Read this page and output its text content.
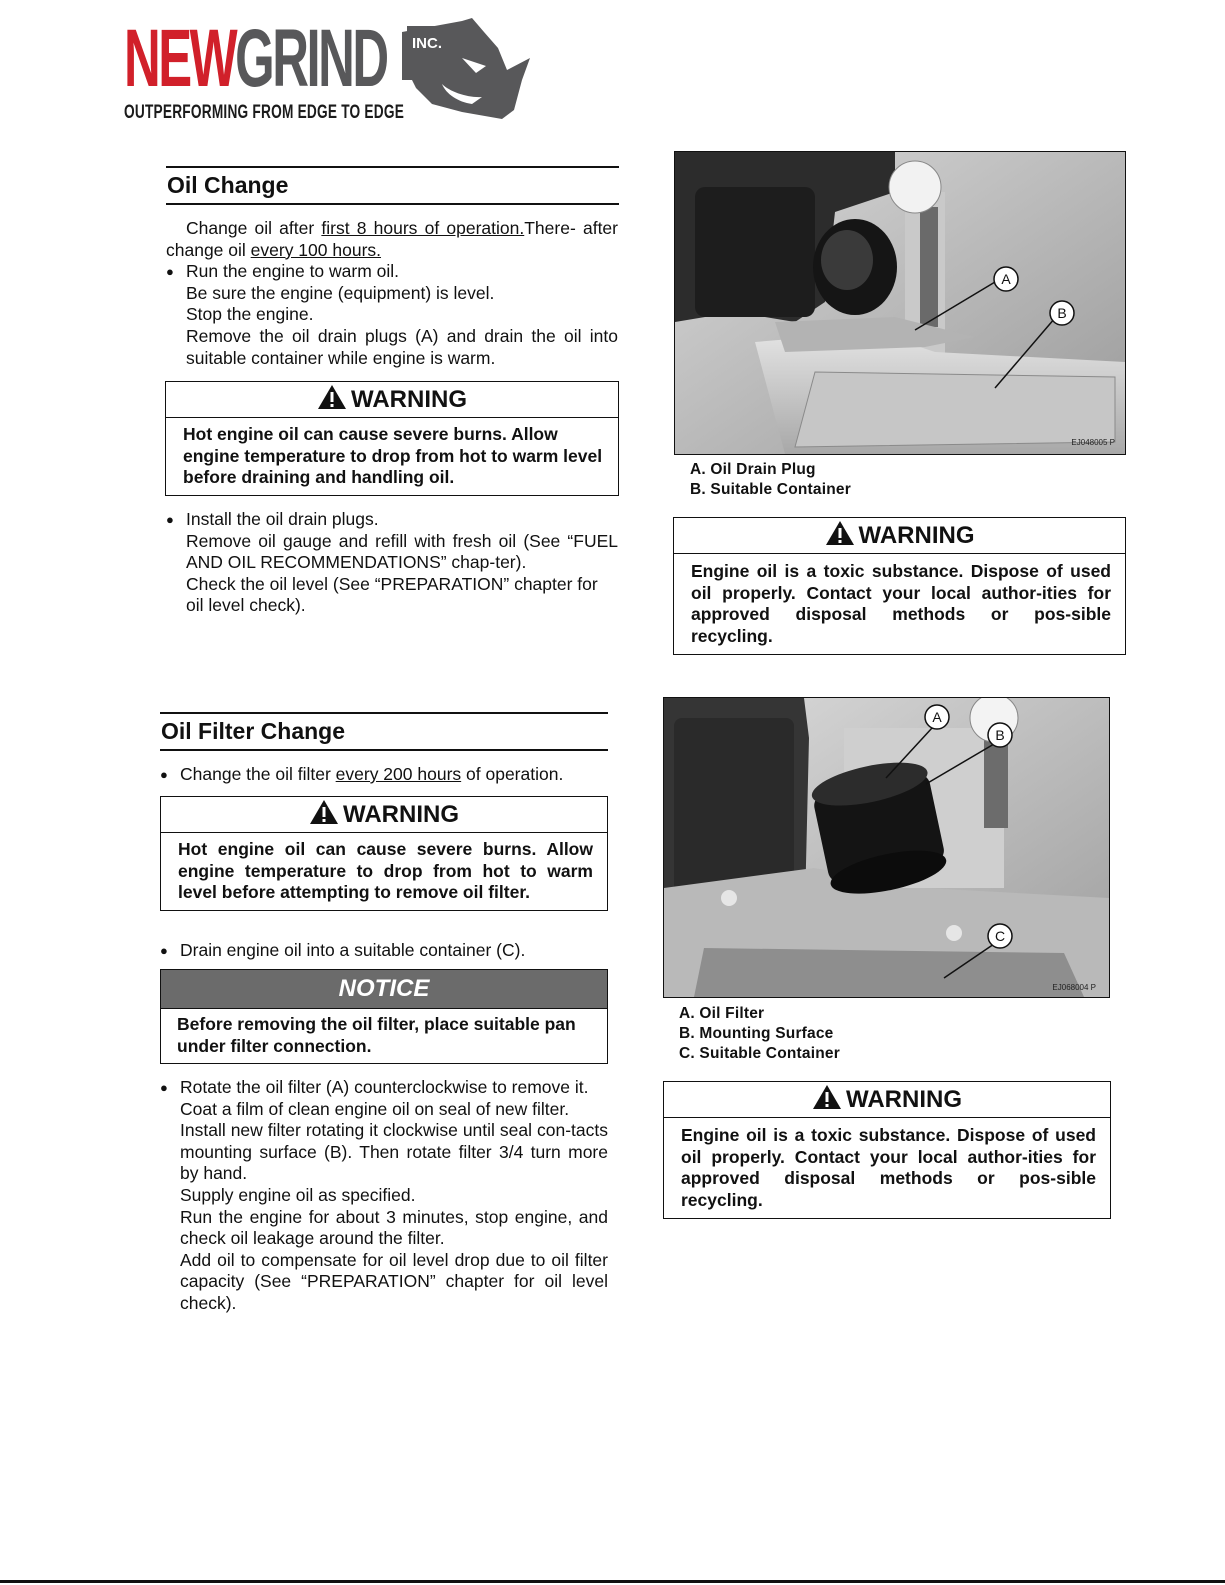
NEWGRIND	INC.
OUTPERFORMING FROM EDGE TO EDGE
Oil Change

Change oil after first 8 hours of operation.There- after change oil every 100 hours.

● Run the engine to warm oil.

Be sure the engine (equipment) is level.

Stop the engine.

Remove the oil drain plugs (A) and drain the oil into suitable container while engine is warm.

WARNING
Hot engine oil can cause severe burns. Allow engine temperature to drop from hot to warm level before draining and handling oil.

● Install the oil drain plugs.

Remove oil gauge and refill with fresh oil (See “FUEL AND OIL RECOMMENDATIONS” chap-ter).

Check the oil level (See “PREPARATION” chapter for oil level check).

A
B
EJ048005 P
A. Oil Drain Plug
B. Suitable Container
WARNING
Engine oil is a toxic substance. Dispose of used oil properly. Contact your local author-ities for approved disposal methods or pos-sible recycling.
Oil Filter Change

● Change the oil filter every 200 hours of operation.

WARNING
Hot engine oil can cause severe burns. Allow engine temperature to drop from hot to warm level before attempting to remove oil filter.

● Drain engine oil into a suitable container (C).

NOTICE
Before removing the oil filter, place suitable pan under filter connection.

● Rotate the oil filter (A) counterclockwise to remove it.

Coat a film of clean engine oil on seal of new filter.

Install new filter rotating it clockwise until seal con-tacts mounting surface (B). Then rotate filter 3/4 turn more by hand.

Supply engine oil as specified.

Run the engine for about 3 minutes, stop engine, and check oil leakage around the filter.

Add oil to compensate for oil level drop due to oil filter capacity (See “PREPARATION” chapter for oil level check).

A
B
C
EJ068004 P
A. Oil Filter
B. Mounting Surface
C. Suitable Container
WARNING
Engine oil is a toxic substance. Dispose of used oil properly. Contact your local author-ities for approved disposal methods or pos-sible recycling.
